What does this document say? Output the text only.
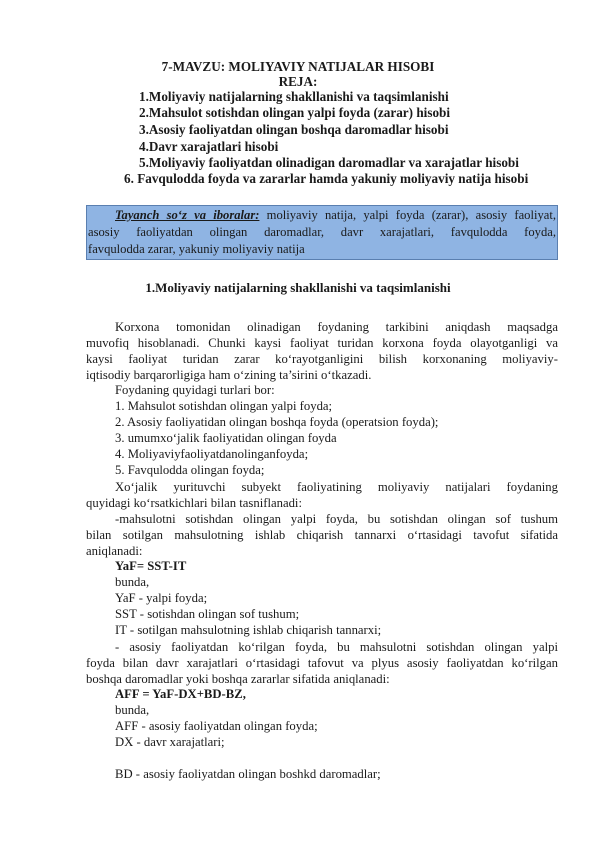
7-MAVZU: MOLIYAVIY NATIJALAR HISOBI
REJA:
1.Moliyaviy natijalarning shakllanishi va taqsimlanishi
2.Mahsulot sotishdan olingan yalpi foyda (zarar) hisobi
3.Asosiy faoliyatdan olingan boshqa daromadlar hisobi
4.Davr xarajatlari hisobi
5.Moliyaviy faoliyatdan olinadigan daromadlar va xarajatlar hisobi
6. Favqulodda foyda va zararlar hamda yakuniy moliyaviy natija hisobi
Tayanch so‘z va iboralar: moliyaviy natija, yalpi foyda (zarar), asosiy faoliyat,
asosiy faoliyatdan olingan daromadlar, davr xarajatlari, favqulodda foyda,
favqulodda zarar, yakuniy moliyaviy natija
1.Moliyaviy natijalarning shakllanishi va taqsimlanishi
Korxona tomonidan olinadigan foydaning tarkibini aniqdash maqsadga
muvofiq hisoblanadi. Chunki kaysi faoliyat turidan korxona foyda olayotganligi va
kaysi faoliyat turidan zarar ko‘rayotganligini bilish korxonaning moliyaviy-
iqtisodiy barqarorligiga ham o‘zining ta’sirini o‘tkazadi.
Foydaning quyidagi turlari bor:
1. Mahsulot sotishdan olingan yalpi foyda;
2. Asosiy faoliyatidan olingan boshqa foyda (operatsion foyda);
3. umumxo‘jalik faoliyatidan olingan foyda
4. Moliyaviyfaoliyatdanolinganfoyda;
5. Favqulodda olingan foyda;
Xo‘jalik yurituvchi subyekt faoliyatining moliyaviy natijalari foydaning
quyidagi ko‘rsatkichlari bilan tasniflanadi:
-mahsulotni sotishdan olingan yalpi foyda, bu sotishdan olingan sof tushum
bilan sotilgan mahsulotning ishlab chiqarish tannarxi o‘rtasidagi tavofut sifatida
aniqlanadi:
YaF= SST-IT
bunda,
YaF - yalpi foyda;
SST - sotishdan olingan sof tushum;
IT - sotilgan mahsulotning ishlab chiqarish tannarxi;
- asosiy faoliyatdan ko‘rilgan foyda, bu mahsulotni sotishdan olingan yalpi
foyda bilan davr xarajatlari o‘rtasidagi tafovut va plyus asosiy faoliyatdan ko‘rilgan
boshqa daromadlar yoki boshqa zararlar sifatida aniqlanadi:
AFF = YaF-DX+BD-BZ,
bunda,
AFF - asosiy faoliyatdan olingan foyda;
DX - davr xarajatlari;
BD - asosiy faoliyatdan olingan boshkd daromadlar;
